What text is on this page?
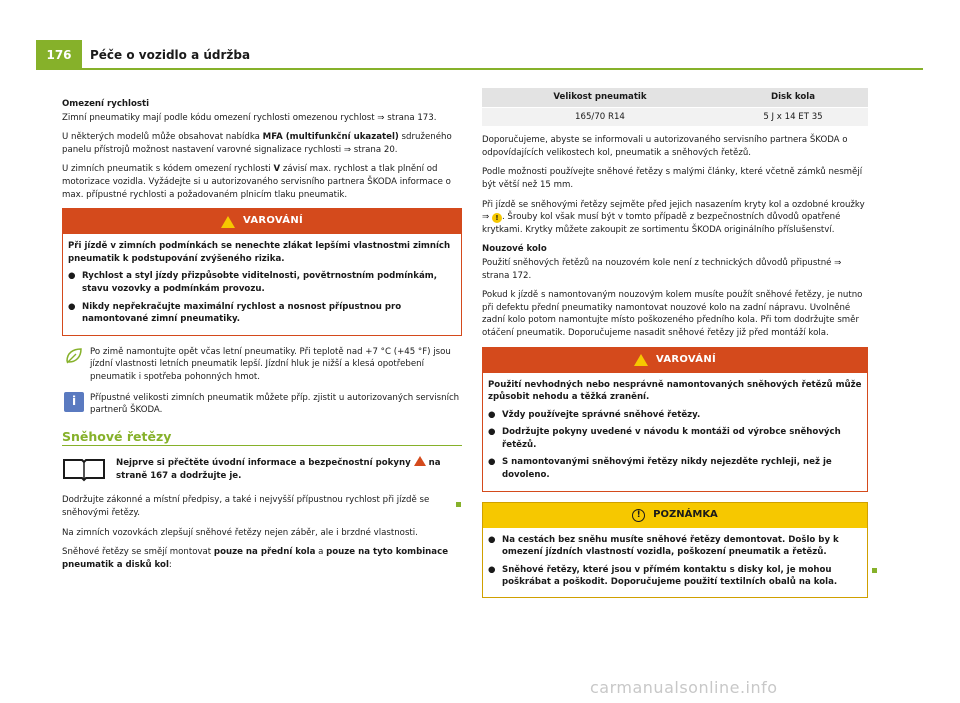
176	Péče o vozidlo a údržba
Omezení rychlosti

Zimní pneumatiky mají podle kódu omezení rychlosti omezenou rychlost ⇒ strana 173.

U některých modelů může obsahovat nabídka MFA (multifunkční ukazatel) sdruženého panelu přístrojů možnost nastavení varovné signalizace rychlosti ⇒ strana 20.

U zimních pneumatik s kódem omezení rychlosti V závisí max. rychlost a tlak plnění od motorizace vozidla. Vyžádejte si u autorizovaného servisního partnera ŠKODA informace o max. přípustné rychlosti a požadovaném plnicím tlaku pneumatik.

VAROVÁNÍ

Při jízdě v zimních podmínkách se nenechte zlákat lepšími vlastnostmi zimních pneumatik k podstupování zvýšeného rizika.

● Rychlost a styl jízdy přizpůsobte viditelnosti, povětrnostním podmínkám, stavu vozovky a podmínkám provozu.
● Nikdy nepřekračujte maximální rychlost a nosnost přípustnou pro namontované zimní pneumatiky.
Po zimě namontujte opět včas letní pneumatiky. Při teplotě nad +7 °C (+45 °F) jsou jízdní vlastnosti letních pneumatik lepší. Jízdní hluk je nižší a klesá opotřebení pneumatik i spotřeba pohonných hmot.
i	Přípustné velikosti zimních pneumatik můžete příp. zjistit u autorizovaných servisních partnerů ŠKODA.
Sněhové řetězy
Nejprve si přečtěte úvodní informace a bezpečnostní pokyny  na straně 167 a dodržujte je.

Dodržujte zákonné a místní předpisy, a také i nejvyšší přípustnou rychlost při jízdě se sněhovými řetězy.

Na zimních vozovkách zlepšují sněhové řetězy nejen záběr, ale i brzdné vlastnosti.

Sněhové řetězy se smějí montovat pouze na přední kola a pouze na tyto kombinace pneumatik a disků kol:

Velikost pneumatik	Disk kola
165/70 R14	5 J x 14 ET 35

Doporučujeme, abyste se informovali u autorizovaného servisního partnera ŠKODA o odpovídajících velikostech kol, pneumatik a sněhových řetězů.

Podle možnosti používejte sněhové řetězy s malými články, které včetně zámků nesmějí být větší než 15 mm.

Při jízdě se sněhovými řetězy sejměte před jejich nasazením kryty kol a ozdobné kroužky ⇒ ! . Šrouby kol však musí být v tomto případě z bezpečnostních důvodů opatřené krytkami. Krytky můžete zakoupit ze sortimentu ŠKODA originálního příslušenství.

Nouzové kolo

Použití sněhových řetězů na nouzovém kole není z technických důvodů připustné ⇒ strana 172.

Pokud k jízdě s namontovaným nouzovým kolem musíte použít sněhové řetězy, je nutno při defektu přední pneumatiky namontovat nouzové kolo na zadní nápravu. Uvolněné zadní kolo potom namontujte místo poškozeného předního kola. Při tom dodržujte směr otáčení pneumatik. Doporučujeme nasadit sněhové řetězy již před montáží kola.

VAROVÁNÍ

Použití nevhodných nebo nesprávně namontovaných sněhových řetězů může způsobit nehodu a těžká zranění.

● Vždy používejte správné sněhové řetězy.
● Dodržujte pokyny uvedené v návodu k montáži od výrobce sněhových řetězů.
● S namontovanými sněhovými řetězy nikdy nejezděte rychleji, než je dovoleno.
!	POZNÁMKA
● Na cestách bez sněhu musíte sněhové řetězy demontovat. Došlo by k omezení jízdních vlastností vozidla, poškození pneumatik a řetězů.
● Sněhové řetězy, které jsou v přímém kontaktu s disky kol, je mohou poškrábat a poškodit. Doporučujeme použití textilních obalů na kola.
carmanualsonline.info
